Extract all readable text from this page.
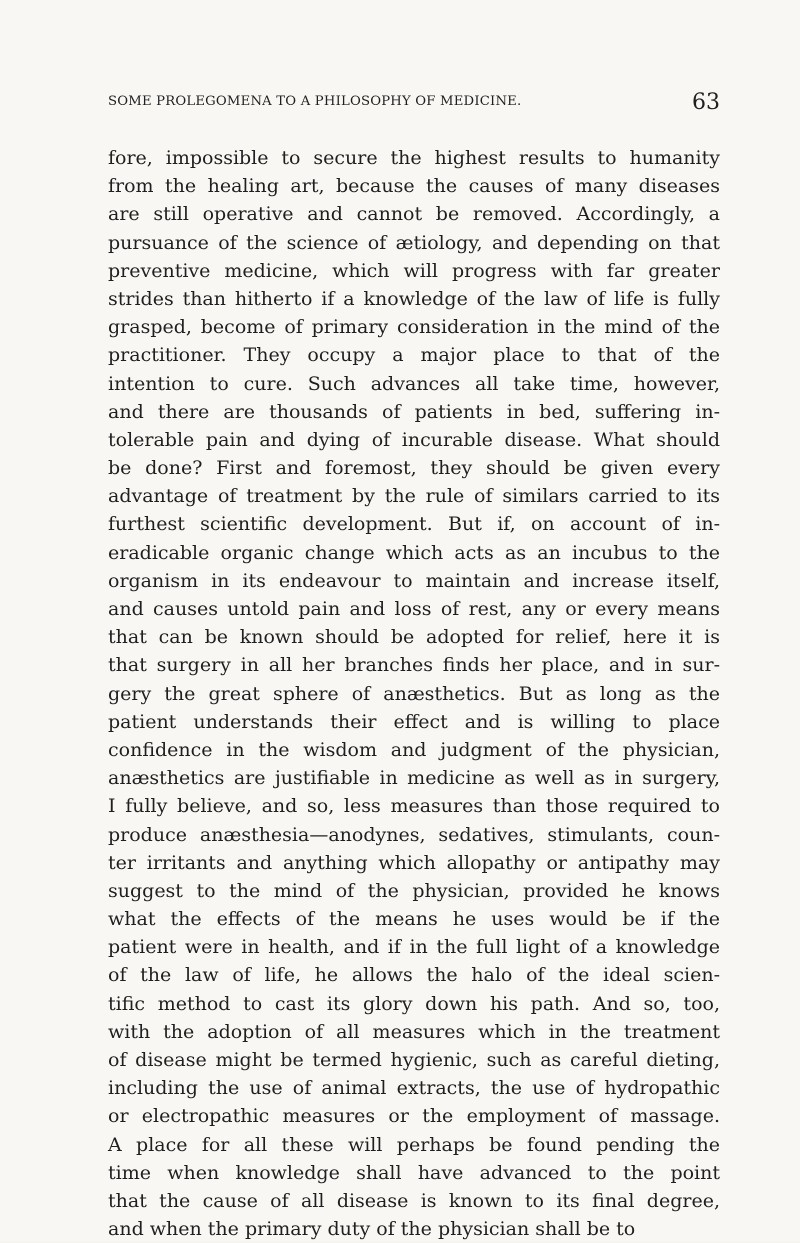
SOME PROLEGOMENA TO A PHILOSOPHY OF MEDICINE.	63
fore, impossible to secure the highest results to humanity
from the healing art, because the causes of many diseases
are still operative and cannot be removed. Accordingly, a
pursuance of the science of ætiology, and depending on that
preventive medicine, which will progress with far greater
strides than hitherto if a knowledge of the law of life is fully
grasped, become of primary consideration in the mind of the
practitioner. They occupy a major place to that of the
intention to cure. Such advances all take time, however,
and there are thousands of patients in bed, suffering in-
tolerable pain and dying of incurable disease. What should
be done? First and foremost, they should be given every
advantage of treatment by the rule of similars carried to its
furthest scientific development. But if, on account of in-
eradicable organic change which acts as an incubus to the
organism in its endeavour to maintain and increase itself,
and causes untold pain and loss of rest, any or every means
that can be known should be adopted for relief, here it is
that surgery in all her branches finds her place, and in sur-
gery the great sphere of anæsthetics. But as long as the
patient understands their effect and is willing to place
confidence in the wisdom and judgment of the physician,
anæsthetics are justifiable in medicine as well as in surgery,
I fully believe, and so, less measures than those required to
produce anæsthesia—anodynes, sedatives, stimulants, coun-
ter irritants and anything which allopathy or antipathy may
suggest to the mind of the physician, provided he knows
what the effects of the means he uses would be if the
patient were in health, and if in the full light of a knowledge
of the law of life, he allows the halo of the ideal scien-
tific method to cast its glory down his path. And so, too,
with the adoption of all measures which in the treatment
of disease might be termed hygienic, such as careful dieting,
including the use of animal extracts, the use of hydropathic
or electropathic measures or the employment of massage.
A place for all these will perhaps be found pending the
time when knowledge shall have advanced to the point
that the cause of all disease is known to its final degree,
and when the primary duty of the physician shall be to
